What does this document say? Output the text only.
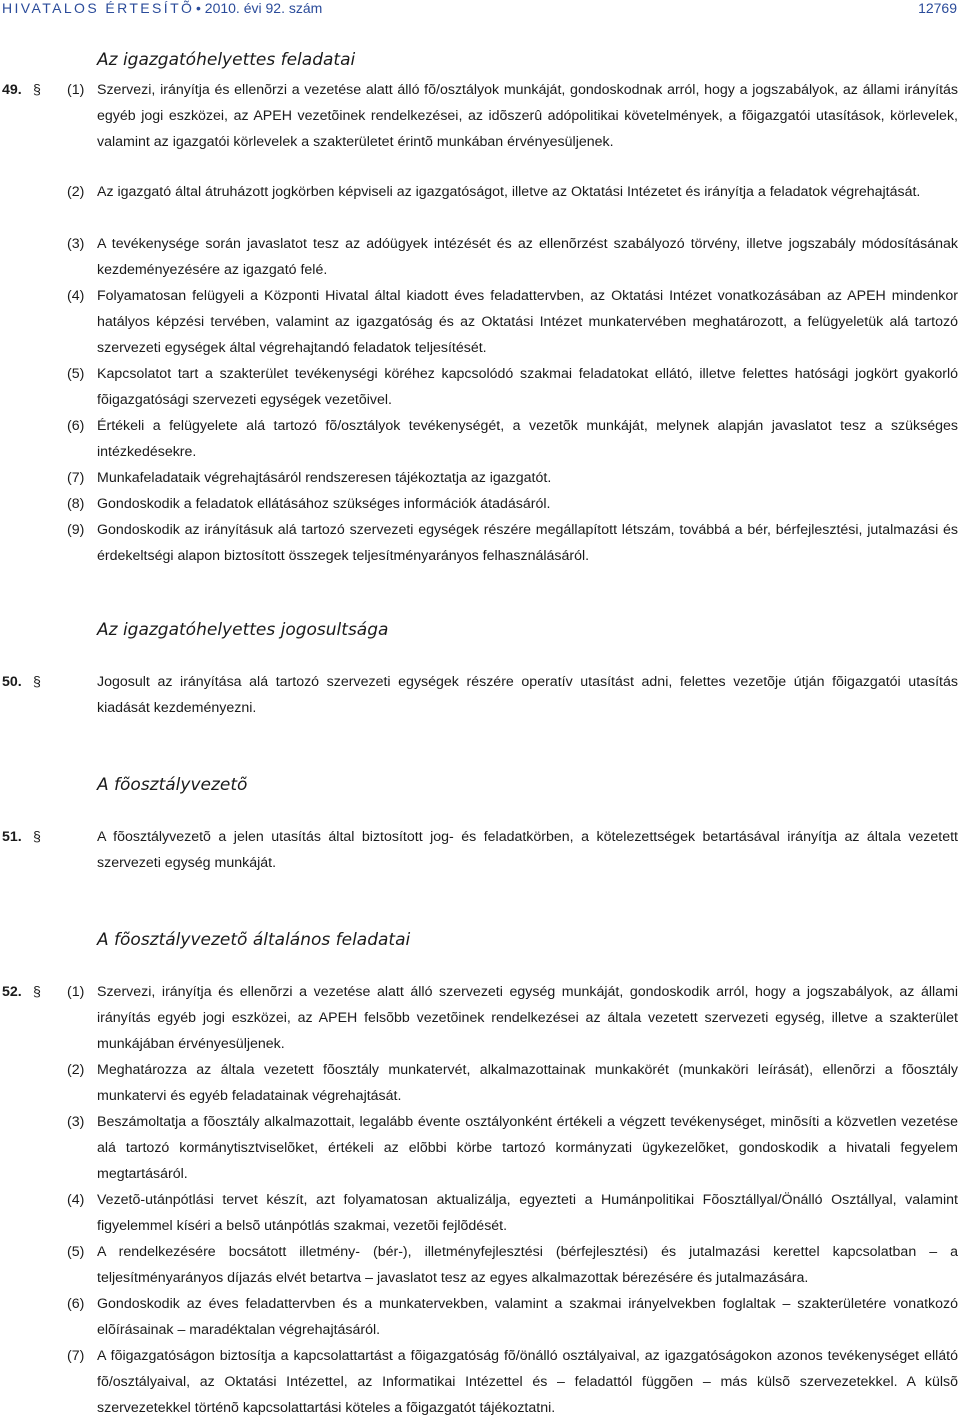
HIVATALOS ÉRTESÍTÕ • 2010. évi 92. szám	12769
Az igazgatóhelyettes feladatai
49. § (1) Szervezi, irányítja és ellenõrzi a vezetése alatt álló fõ/osztályok munkáját, gondoskodnak arról, hogy a jogszabályok, az állami irányítás egyéb jogi eszközei, az APEH vezetõinek rendelkezései, az idõszerû adópolitikai követelmények, a fõigazgatói utasítások, körlevelek, valamint az igazgatói körlevelek a szakterületet érintõ munkában érvényesüljenek.

(2) Az igazgató által átruházott jogkörben képviseli az igazgatóságot, illetve az Oktatási Intézetet és irányítja a feladatok végrehajtását.

(3) A tevékenysége során javaslatot tesz az adóügyek intézését és az ellenõrzést szabályozó törvény, illetve jogszabály módosításának kezdeményezésére az igazgató felé.

(4) Folyamatosan felügyeli a Központi Hivatal által kiadott éves feladattervben, az Oktatási Intézet vonatkozásában az APEH mindenkor hatályos képzési tervében, valamint az igazgatóság és az Oktatási Intézet munkatervében meghatározott, a felügyeletük alá tartozó szervezeti egységek által végrehajtandó feladatok teljesítését.

(5) Kapcsolatot tart a szakterület tevékenységi köréhez kapcsolódó szakmai feladatokat ellátó, illetve felettes hatósági jogkört gyakorló fõigazgatósági szervezeti egységek vezetõivel.

(6) Értékeli a felügyelete alá tartozó fõ/osztályok tevékenységét, a vezetõk munkáját, melynek alapján javaslatot tesz a szükséges intézkedésekre.

(7) Munkafeladataik végrehajtásáról rendszeresen tájékoztatja az igazgatót.

(8) Gondoskodik a feladatok ellátásához szükséges információk átadásáról.

(9) Gondoskodik az irányításuk alá tartozó szervezeti egységek részére megállapított létszám, továbbá a bér, bérfejlesztési, jutalmazási és érdekeltségi alapon biztosított összegek teljesítményarányos felhasználásáról.

Az igazgatóhelyettes jogosultsága
50. §	Jogosult az irányítása alá tartozó szervezeti egységek részére operatív utasítást adni, felettes vezetõje útján fõigazgatói utasítás kiadását kezdeményezni.

A fõosztályvezetõ
51. §	A fõosztályvezetõ a jelen utasítás által biztosított jog- és feladatkörben, a kötelezettségek betartásával irányítja az általa vezetett szervezeti egység munkáját.

A fõosztályvezetõ általános feladatai
52. § (1) Szervezi, irányítja és ellenõrzi a vezetése alatt álló szervezeti egység munkáját, gondoskodik arról, hogy a jogszabályok, az állami irányítás egyéb jogi eszközei, az APEH felsõbb vezetõinek rendelkezései az általa vezetett szervezeti egység, illetve a szakterület munkájában érvényesüljenek.

(2) Meghatározza az általa vezetett fõosztály munkatervét, alkalmazottainak munkakörét (munkaköri leírását), ellenõrzi a fõosztály munkatervi és egyéb feladatainak végrehajtását.

(3) Beszámoltatja a fõosztály alkalmazottait, legalább évente osztályonként értékeli a végzett tevékenységet, minõsíti a közvetlen vezetése alá tartozó kormánytisztviselõket, értékeli az elõbbi körbe tartozó kormányzati ügykezelõket, gondoskodik a hivatali fegyelem megtartásáról.

(4) Vezetõ-utánpótlási tervet készít, azt folyamatosan aktualizálja, egyezteti a Humánpolitikai Fõosztállyal/Önálló Osztállyal, valamint figyelemmel kíséri a belsõ utánpótlás szakmai, vezetõi fejlõdését.

(5) A rendelkezésére bocsátott illetmény- (bér-), illetményfejlesztési (bérfejlesztési) és jutalmazási kerettel kapcsolatban – a teljesítményarányos díjazás elvét betartva – javaslatot tesz az egyes alkalmazottak bérezésére és jutalmazására.

(6) Gondoskodik az éves feladattervben és a munkatervekben, valamint a szakmai irányelvekben foglaltak – szakterületére vonatkozó elõírásainak – maradéktalan végrehajtásáról.

(7) A fõigazgatóságon biztosítja a kapcsolattartást a fõigazgatóság fõ/önálló osztályaival, az igazgatóságokon azonos tevékenységet ellátó fõ/osztályaival, az Oktatási Intézettel, az Informatikai Intézettel és – feladattól függõen – más külsõ szervezetekkel. A külsõ szervezetekkel történõ kapcsolattartási köteles a fõigazgatót tájékoztatni.
